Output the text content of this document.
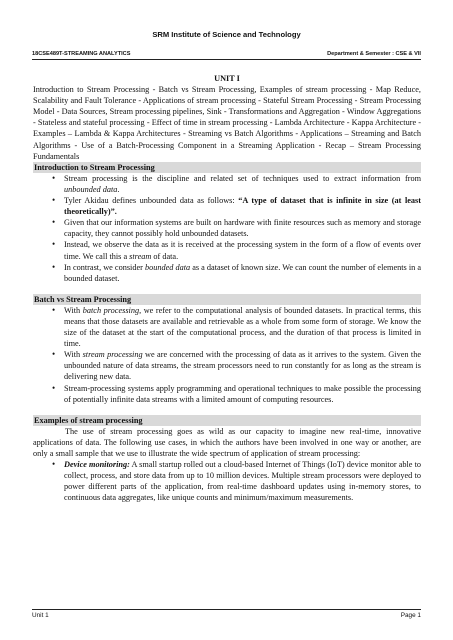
SRM Institute of Science and Technology
18CSE489T-STREAMING ANALYTICS	Department & Semester : CSE & VII

UNIT I

Introduction to Stream Processing - Batch vs Stream Processing, Examples of stream processing - Map Reduce, Scalability and Fault Tolerance - Applications of stream processing - Stateful Stream Processing - Stream Processing Model - Data Sources, Stream processing pipelines, Sink - Transformations and Aggregation - Window Aggregations - Stateless and stateful processing - Effect of time in stream processing - Lambda Architecture - Kappa Architecture - Examples – Lambda & Kappa Architectures - Streaming vs Batch Algorithms - Applications – Streaming and Batch Algorithms - Use of a Batch-Processing Component in a Streaming Application - Recap – Stream Processing Fundamentals

Introduction to Stream Processing
• Stream processing is the discipline and related set of techniques used to extract information from unbounded data.
• Tyler Akidau defines unbounded data as follows: “A type of dataset that is infinite in size (at least theoretically)”.
• Given that our information systems are built on hardware with finite resources such as memory and storage capacity, they cannot possibly hold unbounded datasets.
• Instead, we observe the data as it is received at the processing system in the form of a flow of events over time. We call this a stream of data.
• In contrast, we consider bounded data as a dataset of known size. We can count the number of elements in a bounded dataset.
Batch vs Stream Processing
• With batch processing, we refer to the computational analysis of bounded datasets. In practical terms, this means that those datasets are available and retrievable as a whole from some form of storage. We know the size of the dataset at the start of the computational process, and the duration of that process is limited in time.
• With stream processing we are concerned with the processing of data as it arrives to the system. Given the unbounded nature of data streams, the stream processors need to run constantly for as long as the stream is delivering new data.
• Stream-processing systems apply programming and operational techniques to make possible the processing of potentially infinite data streams with a limited amount of computing resources.
Examples of stream processing

The use of stream processing goes as wild as our capacity to imagine new real-time, innovative applications of data. The following use cases, in which the authors have been involved in one way or another, are only a small sample that we use to illustrate the wide spectrum of application of stream processing:

• Device monitoring: A small startup rolled out a cloud-based Internet of Things (IoT) device monitor able to collect, process, and store data from up to 10 million devices. Multiple stream processors were deployed to power different parts of the application, from real-time dashboard updates using in-memory stores, to continuous data aggregates, like unique counts and minimum/maximum measurements.
Unit 1	Page 1
